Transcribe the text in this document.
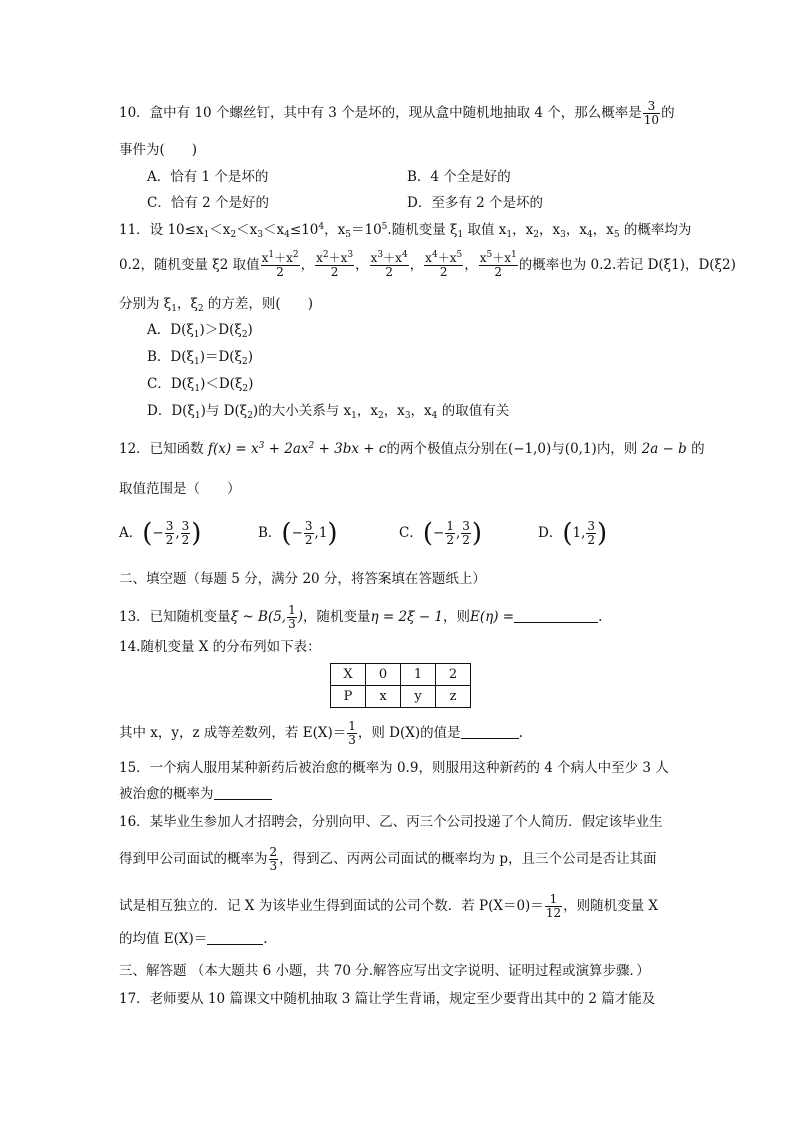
10．盒中有 10 个螺丝钉，其中有 3 个是坏的，现从盒中随机地抽取 4 个，那么概率是 $\frac{3}{10}$ 的
事件为(　　)
A．恰有 1 个是坏的	B．4 个全是好的
C．恰有 2 个是好的	D．至多有 2 个是坏的
11．设 $10\le x_1<x_2<x_3<x_4\le 10^4$，$x_5=10^5$.随机变量 $\xi_1$ 取值 $x_1$，$x_2$，$x_3$，$x_4$，$x_5$ 的概率均为
0.2，随机变量 ξ2 取值 $\frac{x^1+x^2}{2}$ ， $\frac{x^2+x^3}{2}$ ， $\frac{x^3+x^4}{2}$ ， $\frac{x^4+x^5}{2}$ ， $\frac{x^5+x^1}{2}$ 的概率也为 0.2.若记 D(ξ1)，D(ξ2)
分别为 $\xi_1$，$\xi_2$ 的方差，则(　　)
A．$D(\xi_1)>D(\xi_2)$
B．$D(\xi_1)=D(\xi_2)$
C．$D(\xi_1)<D(\xi_2)$
D．$D(\xi_1)$与 $D(\xi_2)$的大小关系与 $x_1$，$x_2$，$x_3$，$x_4$ 的取值有关
12．已知函数 $f(x) = x^3 + 2ax^2 + 3bx + c$的两个极值点分别在(−1,0)与(0,1)内，则 2a − b 的
取值范围是（　　）
A．(− $\frac{3}{2}$ , $\frac{3}{2}$ )	B．(− $\frac{3}{2} ,1$)	C．(− $\frac{1}{2}$ , $\frac{3}{2}$ )	D．(1, $\frac{3}{2}$ )
二、填空题（每题 5 分，满分 20 分，将答案填在答题纸上）
13．已知随机变量ξ ~ B(5, $\frac{1}{3}$ )，随机变量η = 2ξ − 1，则E(η) =	.
14.随机变量 X 的分布列如下表：
X	0	1	2
P	x	y	z
其中 x，y，z 成等差数列，若 $E(X)= \frac{1}{3}$ ，则 D(X)的值是	.
15．一个病人服用某种新药后被治愈的概率为 0.9，则服用这种新药的 4 个病人中至少 3 人
被治愈的概率为
16．某毕业生参加人才招聘会，分别向甲、乙、丙三个公司投递了个人简历．假定该毕业生
得到甲公司面试的概率为 $\frac{2}{3}$ ，得到乙、丙两公司面试的概率均为 p，且三个公司是否让其面
试是相互独立的．记 X 为该毕业生得到面试的公司个数．若 $P(X=0)= \frac{1}{12}$ ，则随机变量 X
的均值 E(X)＝	.
三、解答题 （本大题共 6 小题，共 70 分.解答应写出文字说明、证明过程或演算步骤．）
17．老师要从 10 篇课文中随机抽取 3 篇让学生背诵，规定至少要背出其中的 2 篇才能及
